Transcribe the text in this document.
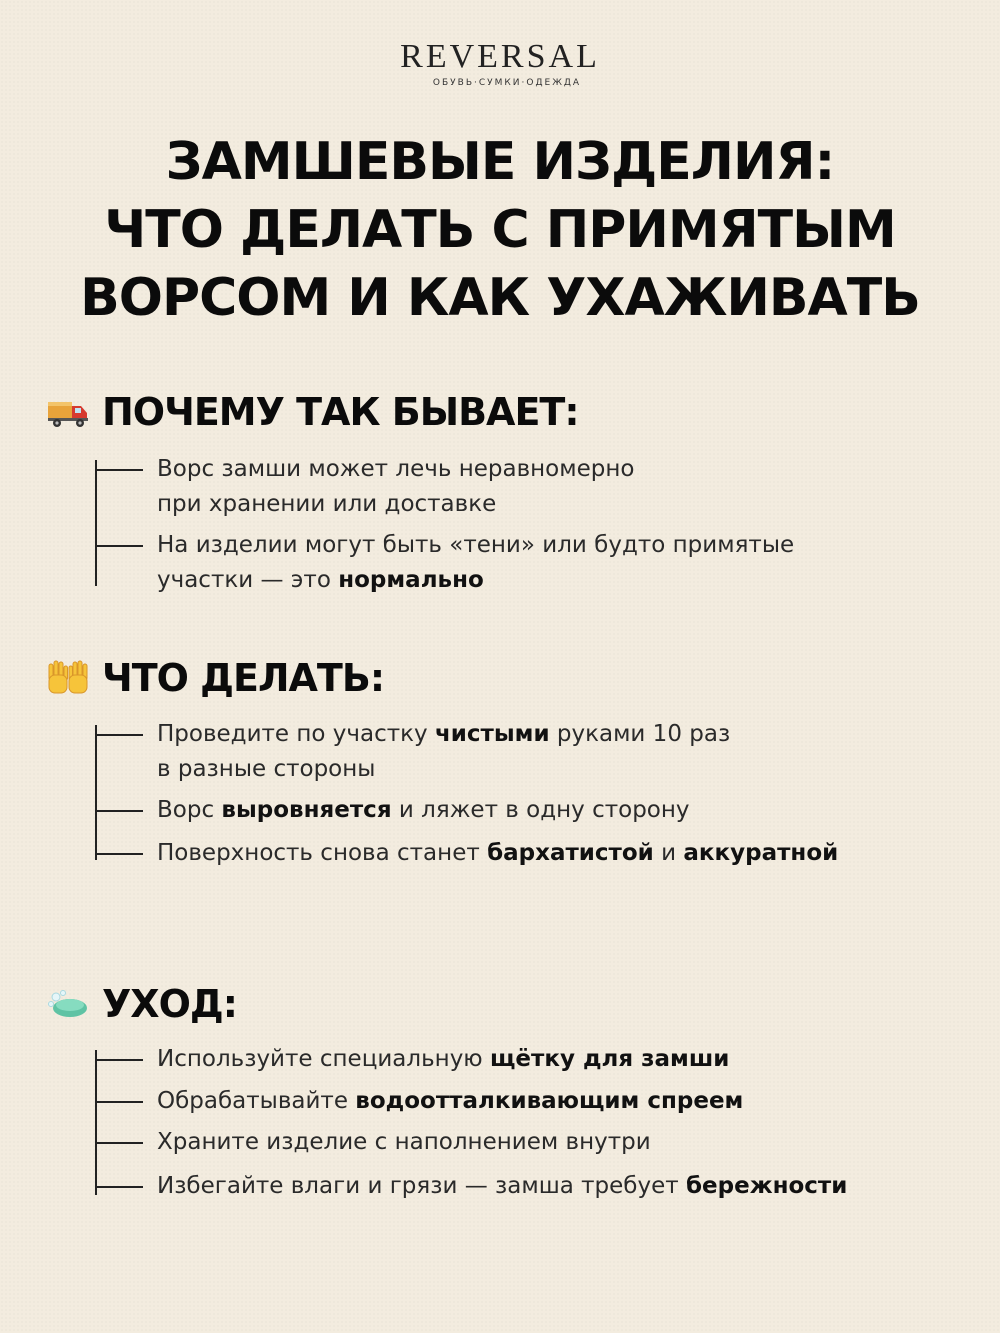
REVERSAL
ОБУВЬ·СУМКИ·ОДЕЖДА
ЗАМШЕВЫЕ ИЗДЕЛИЯ:
ЧТО ДЕЛАТЬ С ПРИМЯТЫМ
ВОРСОМ И КАК УХАЖИВАТЬ
ПОЧЕМУ ТАК БЫВАЕТ:
Ворс замши может лечь неравномерно
при хранении или доставке
На изделии могут быть «тени» или будто примятые
участки — это нормально
ЧТО ДЕЛАТЬ:
Проведите по участку чистыми руками 10 раз
в разные стороны
Ворс выровняется и ляжет в одну сторону
Поверхность снова станет бархатистой и аккуратной
УХОД:
Используйте специальную щётку для замши
Обрабатывайте водоотталкивающим спреем
Храните изделие с наполнением внутри
Избегайте влаги и грязи — замша требует бережности
